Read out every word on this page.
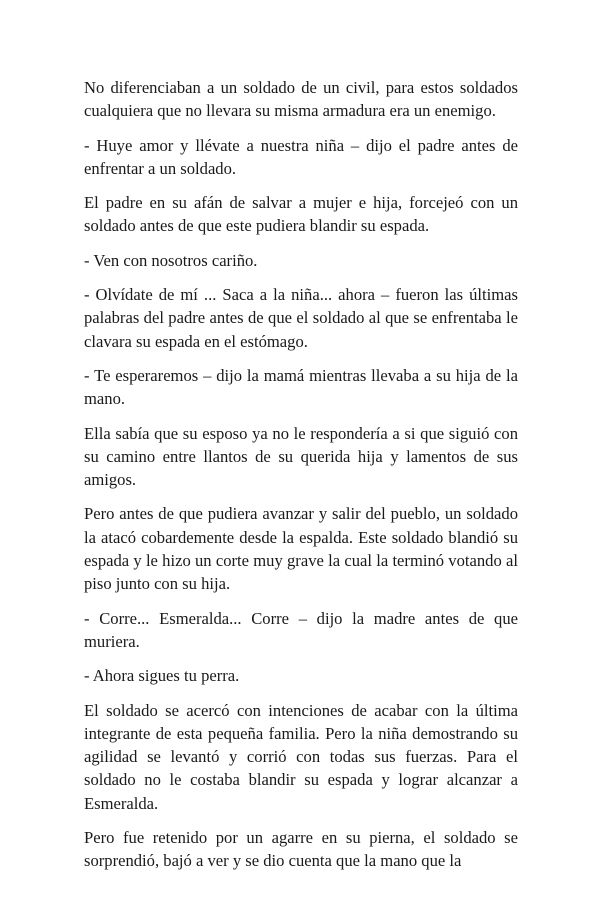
No diferenciaban a un soldado de un civil, para estos soldados cualquiera que no llevara su misma armadura era un enemigo.

- Huye amor y llévate a nuestra niña – dijo el padre antes de enfrentar a un soldado.

El padre en su afán de salvar a mujer e hija, forcejeó con un soldado antes de que este pudiera blandir su espada.

- Ven con nosotros cariño.

- Olvídate de mí ... Saca a la niña... ahora – fueron las últimas palabras del padre antes de que el soldado al que se enfrentaba le clavara su espada en el estómago.

- Te esperaremos – dijo la mamá mientras llevaba a su hija de la mano.

Ella sabía que su esposo ya no le respondería a si que siguió con su camino entre llantos de su querida hija y lamentos de sus amigos.

Pero antes de que pudiera avanzar y salir del pueblo, un soldado la atacó cobardemente desde la espalda. Este soldado blandió su espada y le hizo un corte muy grave la cual la terminó votando al piso junto con su hija.

- Corre... Esmeralda... Corre – dijo la madre antes de que muriera.

- Ahora sigues tu perra.

El soldado se acercó con intenciones de acabar con la última integrante de esta pequeña familia. Pero la niña demostrando su agilidad se levantó y corrió con todas sus fuerzas. Para el soldado no le costaba blandir su espada y lograr alcanzar a Esmeralda.

Pero fue retenido por un agarre en su pierna, el soldado se sorprendió, bajó a ver y se dio cuenta que la mano que la
